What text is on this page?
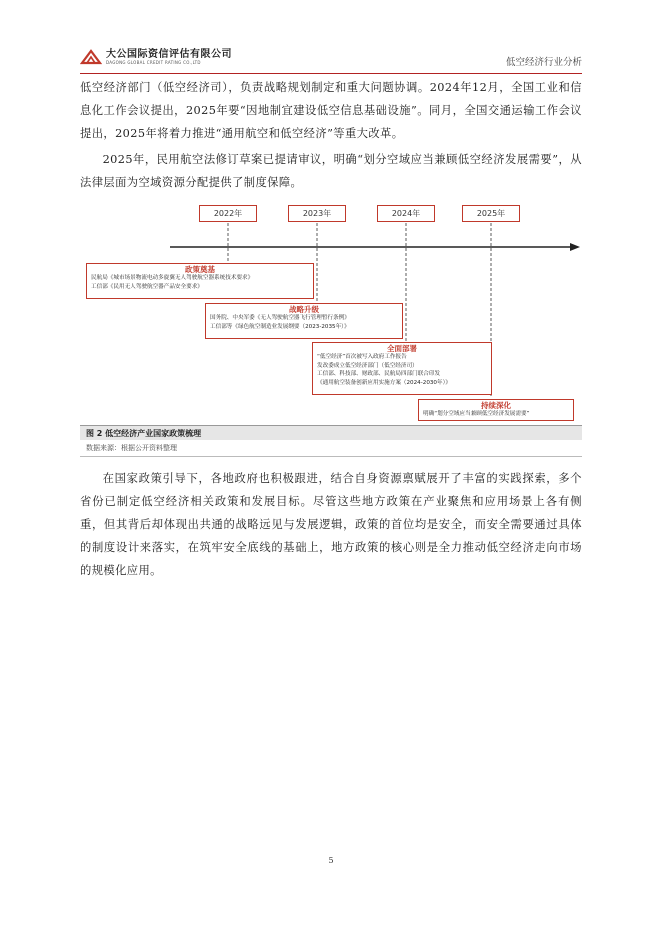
大公国际资信评估有限公司
DAGONG GLOBAL CREDIT RATING CO.,LTD	低空经济行业分析
低空经济部门（低空经济司），负责战略规划制定和重大问题协调。2024年12月，全国工业和信息化工作会议提出，2025年要“因地制宜建设低空信息基础设施”。同月，全国交通运输工作会议提出，2025年将着力推进“通用航空和低空经济”等重大改革。
2025年，民用航空法修订草案已提请审议，明确“划分空域应当兼顾低空经济发展需要”，从法律层面为空域资源分配提供了制度保障。
2022年	2023年	2024年	2025年
政策奠基
民航局《城市场景物流电动多旋翼无人驾驶航空器系统技术要求》
工信部《民用无人驾驶航空器产品安全要求》
战略升级
国务院、中央军委《无人驾驶航空器飞行管理暂行条例》
工信部等《绿色航空制造业发展纲要（2023-2035年）》
全面部署
“低空经济”首次被写入政府工作报告
发改委成立低空经济部门（低空经济司）
工信部、科技部、财政部、民航局四部门联合印发
《通用航空装备创新应用实施方案（2024-2030年）》
持续深化
明确“划分空域应当兼顾低空经济发展需要”
图 2 低空经济产业国家政策梳理
数据来源：根据公开资料整理
在国家政策引导下，各地政府也积极跟进，结合自身资源禀赋展开了丰富的实践探索，多个省份已制定低空经济相关政策和发展目标。尽管这些地方政策在产业聚焦和应用场景上各有侧重，但其背后却体现出共通的战略远见与发展逻辑，政策的首位均是安全，而安全需要通过具体的制度设计来落实，在筑牢安全底线的基础上，地方政策的核心则是全力推动低空经济走向市场的规模化应用。
5
